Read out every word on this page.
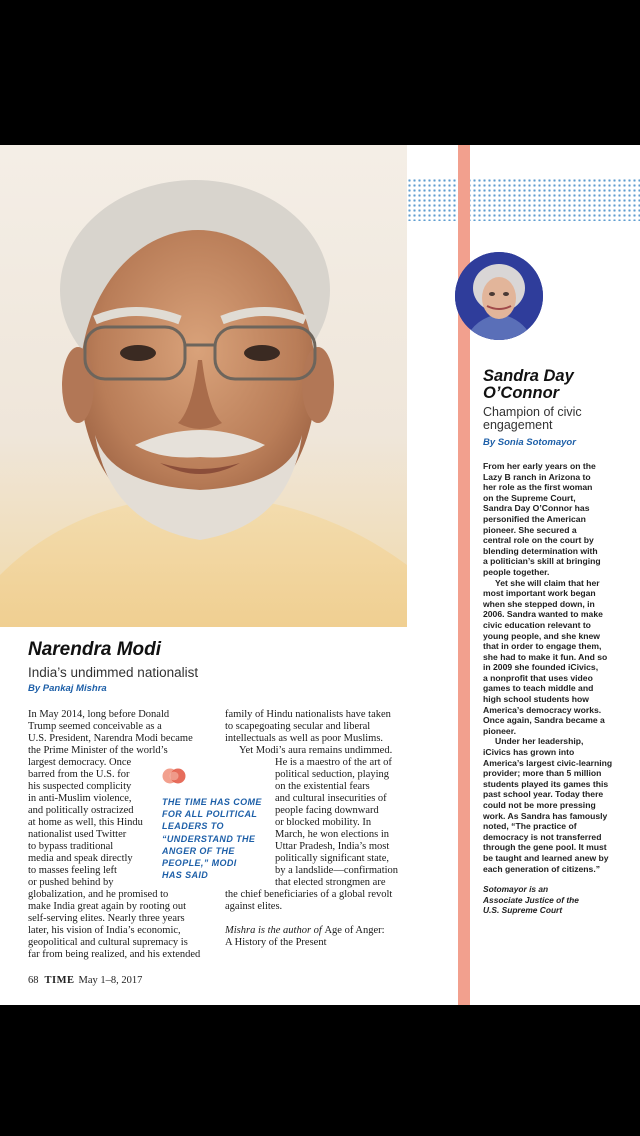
Sandra Day
O’Connor
Champion of civic
engagement
By Sonia Sotomayor

From her early years on the
Lazy B ranch in Arizona to
her role as the first woman
on the Supreme Court,
Sandra Day O’Connor has
personified the American
pioneer. She secured a
central role on the court by
blending determination with
a politician’s skill at bringing
people together.

Yet she will claim that her
most important work began
when she stepped down, in
2006. Sandra wanted to make
civic education relevant to
young people, and she knew
that in order to engage them,
she had to make it fun. And so
in 2009 she founded iCivics,
a nonprofit that uses video
games to teach middle and
high school students how
America’s democracy works.
Once again, Sandra became a
pioneer.

Under her leadership,
iCivics has grown into
America’s largest civic-learning
provider; more than 5 million
students played its games this
past school year. Today there
could not be more pressing
work. As Sandra has famously
noted, “The practice of
democracy is not transferred
through the gene pool. It must
be taught and learned anew by
each generation of citizens.”

Sotomayor is an
Associate Justice of the
U.S. Supreme Court
Narendra Modi
India’s undimmed nationalist
By Pankaj Mishra
In May 2014, long before Donald
Trump seemed conceivable as a
U.S. President, Narendra Modi became
the Prime Minister of the world’s
largest democracy. Once
barred from the U.S. for
his suspected complicity
in anti-Muslim violence,
and politically ostracized
at home as well, this Hindu
nationalist used Twitter
to bypass traditional
media and speak directly
to masses feeling left
or pushed behind by
globalization, and he promised to
make India great again by rooting out
self-serving elites. Nearly three years
later, his vision of India’s economic,
geopolitical and cultural supremacy is
far from being realized, and his extended
family of Hindu nationalists have taken
to scapegoating secular and liberal
intellectuals as well as poor Muslims.
Yet Modi’s aura remains undimmed.
He is a maestro of the art of
political seduction, playing
on the existential fears
and cultural insecurities of
people facing downward
or blocked mobility. In
March, he won elections in
Uttar Pradesh, India’s most
politically significant state,
by a landslide—confirmation
that elected strongmen are
the chief beneficiaries of a global revolt
against elites.
Mishra is the author of Age of Anger:
A History of the Present
THE TIME HAS COME
FOR ALL POLITICAL
LEADERS TO
“UNDERSTAND THE
ANGER OF THE
PEOPLE,” MODI
HAS SAID
68 TIME May 1–8, 2017
